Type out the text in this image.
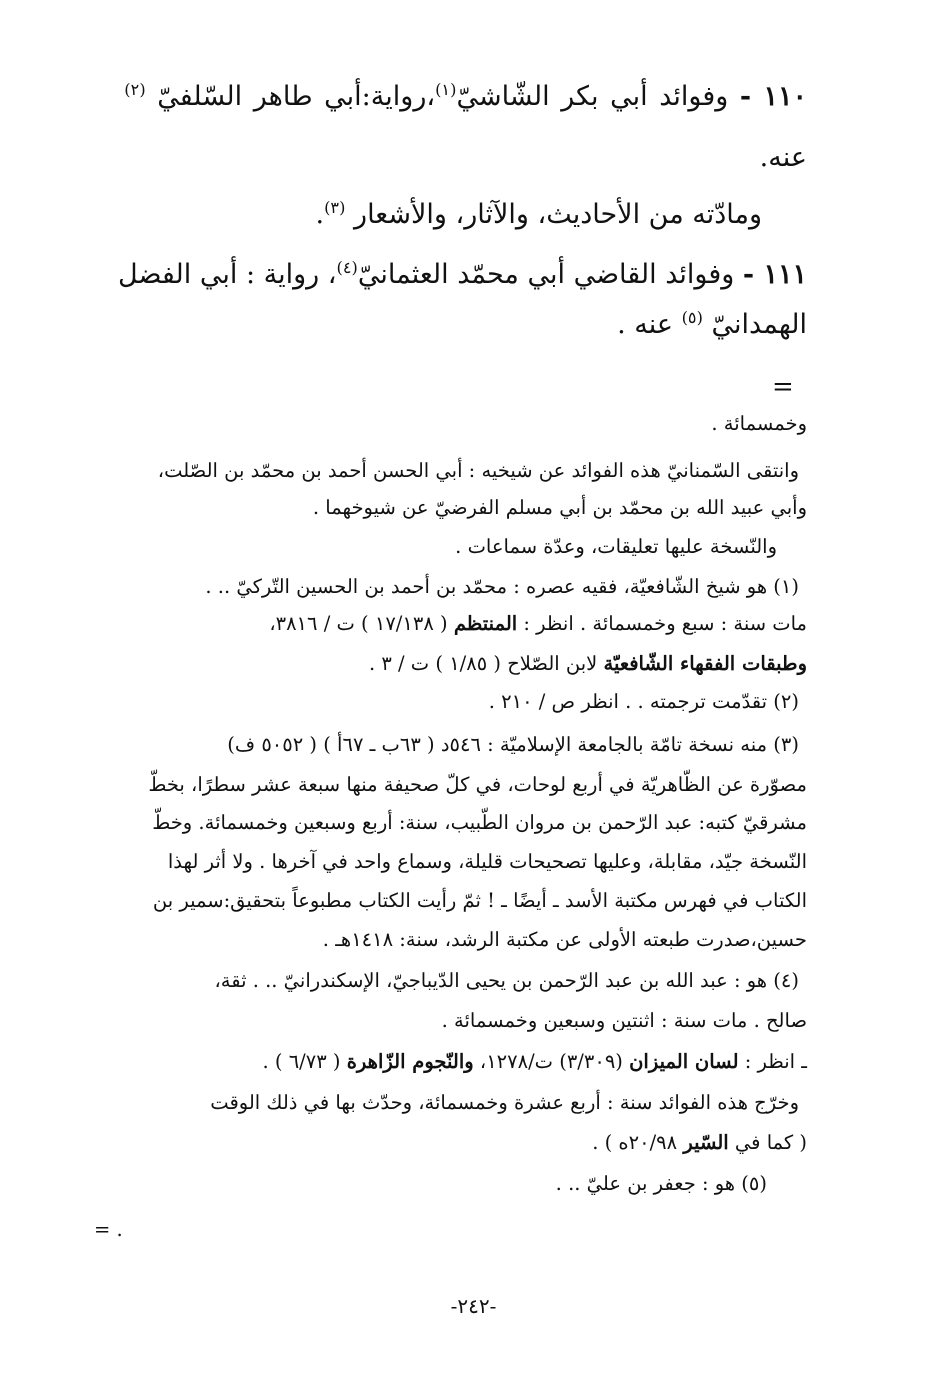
١١٠ - وفوائد أبي بكر الشّاشيّ$^{(١)}$،رواية:أبي طاهر السّلفيّ $^{(٢)}$
عنه.
ومادّته من الأحاديث، والآثار، والأشعار $^{(٣)}$.
١١١ - وفوائد القاضي أبي محمّد العثمانيّ$^{(٤)}$، رواية : أبي الفضل
الهمدانيّ $^{(٥)}$ عنه .
=
وخمسمائة .
وانتقى السّمنانيّ هذه الفوائد عن شيخيه : أبي الحسن أحمد بن محمّد بن الصّلت،
وأبي عبيد الله بن محمّد بن أبي مسلم الفرضيّ عن شيوخهما .
والنّسخة عليها تعليقات، وعدّة سماعات .
(١) هو شيخ الشّافعيّة، فقيه عصره : محمّد بن أحمد بن الحسين التّركيّ .. .
مات سنة : سبع وخمسمائة . انظر : المنتظم ( ١٧/١٣٨ ) ت / ٣٨١٦،
وطبقات الفقهاء الشّافعيّة لابن الصّلاح ( ١/٨٥ ) ت / ٣ .
(٢) تقدّمت ترجمته . . انظر ص / ٢١٠ .
(٣) منه نسخة تامّة بالجامعة الإسلاميّة : ٥٤٦د ( ٦٣ب ـ ٦٧أ ) ( ٥٠٥٢ ف)
مصوّرة عن الظّاهريّة في أربع لوحات، في كلّ صحيفة منها سبعة عشر سطرًا، بخطّ
مشرقيّ كتبه: عبد الرّحمن بن مروان الطّبيب، سنة: أربع وسبعين وخمسمائة. وخطّ
النّسخة جيّد، مقابلة، وعليها تصحيحات قليلة، وسماع واحد في آخرها . ولا أثر لهذا
الكتاب في فهرس مكتبة الأسد ـ أيضًا ـ ! ثمّ رأيت الكتاب مطبوعاً بتحقيق:سمير بن
حسين،صدرت طبعته الأولى عن مكتبة الرشد، سنة: ١٤١٨هـ .
(٤) هو : عبد الله بن عبد الرّحمن بن يحيى الدّيباجيّ، الإسكندرانيّ .. . ثقة،
صالح . مات سنة : اثنتين وسبعين وخمسمائة .
ـ انظر : لسان الميزان (٣/٣٠٩) ت/١٢٧٨، والنّجوم الزّاهرة ( ٦/٧٣ ) .
وخرّج هذه الفوائد سنة : أربع عشرة وخمسمائة، وحدّث بها في ذلك الوقت
( كما في السّير ٢٠/٩٨ه ) .
(٥) هو : جعفر بن عليّ .. .
= .
-٢٤٢-
